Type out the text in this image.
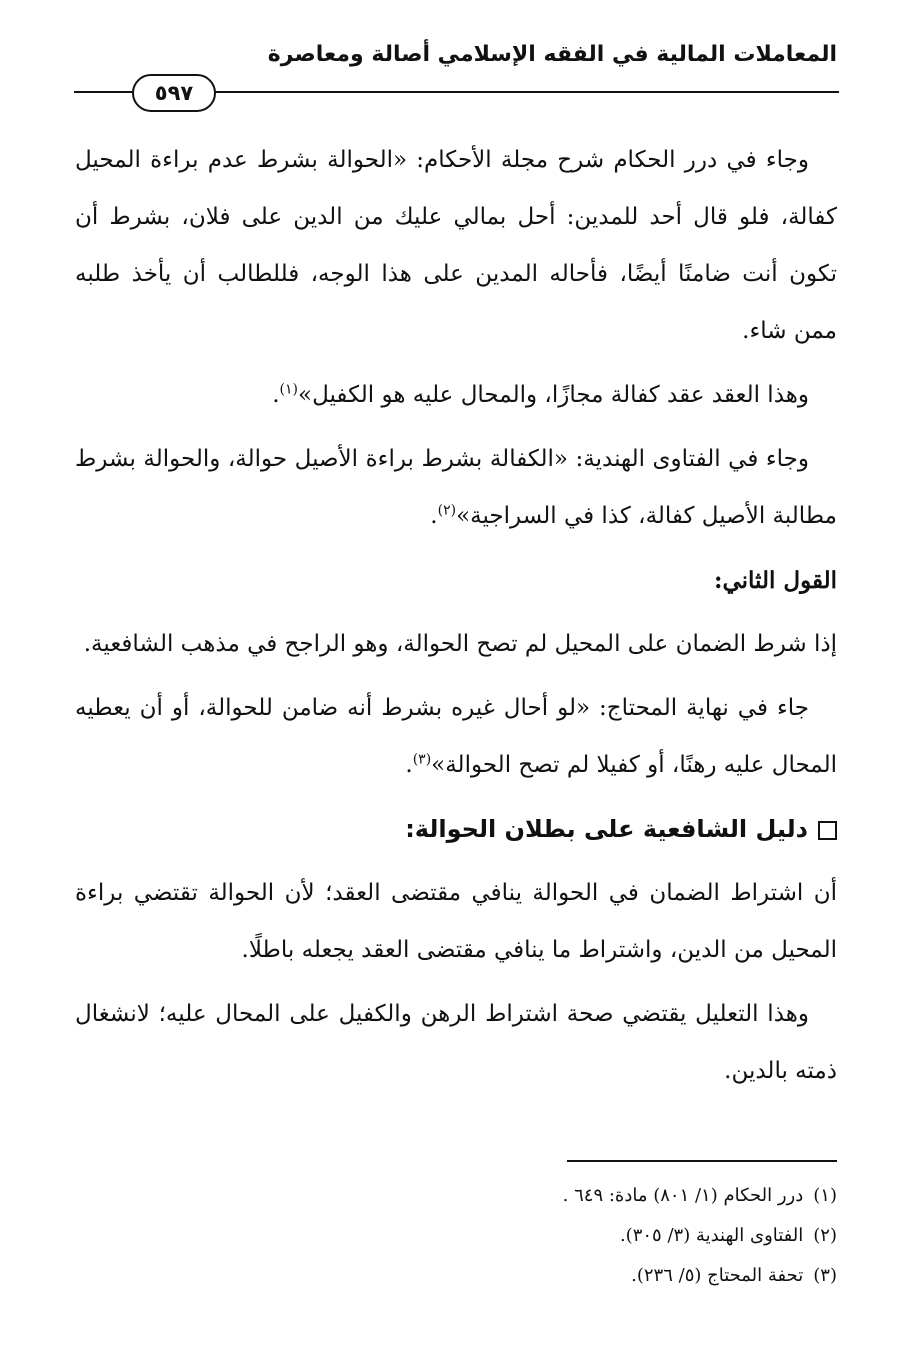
المعاملات المالية في الفقه الإسلامي أصالة ومعاصرة
٥٩٧

وجاء في درر الحكام شرح مجلة الأحكام: «الحوالة بشرط عدم براءة المحيل كفالة، فلو قال أحد للمدين: أحل بمالي عليك من الدين على فلان، بشرط أن تكون أنت ضامنًا أيضًا، فأحاله المدين على هذا الوجه، فللطالب أن يأخذ طلبه ممن شاء.

وهذا العقد عقد كفالة مجازًا، والمحال عليه هو الكفيل»$^{(١)}$.

وجاء في الفتاوى الهندية: «الكفالة بشرط براءة الأصيل حوالة، والحوالة بشرط مطالبة الأصيل كفالة، كذا في السراجية»$^{(٢)}$.

القول الثاني:

إذا شرط الضمان على المحيل لم تصح الحوالة، وهو الراجح في مذهب الشافعية.

جاء في نهاية المحتاج: «لو أحال غيره بشرط أنه ضامن للحوالة، أو أن يعطيه المحال عليه رهنًا، أو كفيلا لم تصح الحوالة»$^{(٣)}$.

دليل الشافعية على بطلان الحوالة:

أن اشتراط الضمان في الحوالة ينافي مقتضى العقد؛ لأن الحوالة تقتضي براءة المحيل من الدين، واشتراط ما ينافي مقتضى العقد يجعله باطلًا.

وهذا التعليل يقتضي صحة اشتراط الرهن والكفيل على المحال عليه؛ لانشغال ذمته بالدين.

(١)درر الحكام (١/ ٨٠١) مادة: ٦٤٩ .

(٢)الفتاوى الهندية (٣/ ٣٠٥).

(٣)تحفة المحتاج (٥/ ٢٣٦).
